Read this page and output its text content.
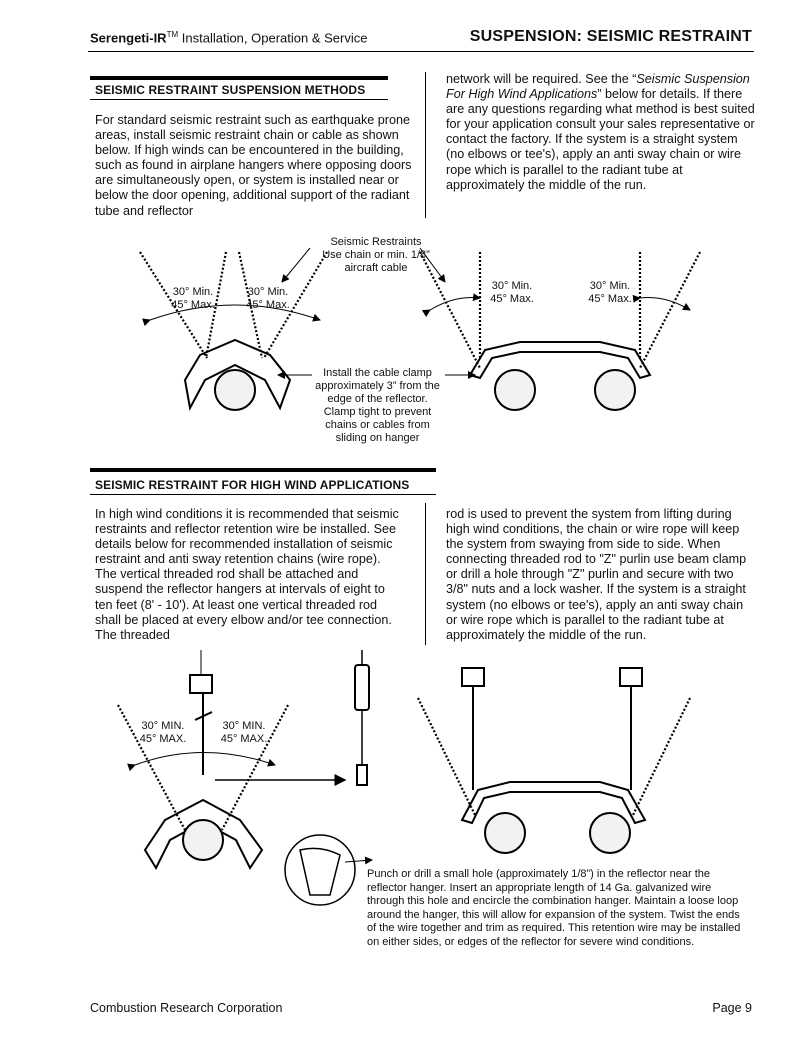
Serengeti-IR™ Installation, Operation & Service	SUSPENSION: SEISMIC RESTRAINT
SEISMIC RESTRAINT SUSPENSION METHODS
For standard seismic restraint such as earthquake prone areas, install seismic restraint chain or cable as shown below. If high winds can be encountered in the building, such as found in airplane hangers where opposing doors are simultaneously open, or system is installed near or below the door opening, additional support of the radiant tube and reflector
network will be required. See the “Seismic Suspension For High Wind Applications” below for details. If there are any questions regarding what method is best suited for your application consult your sales representative or contact the factory. If the system is a straight system (no elbows or tee's), apply an anti sway chain or wire rope which is parallel to the radiant tube at approximately the middle of the run.
Seismic Restraints
Use chain or min. 1/8”
aircraft cable
30° Min.
45° Max.
30° Min.
45° Max.
30° Min.
45° Max.
30° Min.
45° Max.
Install the cable clamp
approximately 3” from the
edge of the reflector.
Clamp tight to prevent
chains or cables from
sliding on hanger
SEISMIC RESTRAINT FOR HIGH WIND APPLICATIONS
In high wind conditions it is recommended that seismic restraints and reflector retention wire be installed. See details below for recommended installation of seismic restraint and anti sway retention chains (wire rope). The vertical threaded rod shall be attached and suspend the reflector hangers at intervals of eight to ten feet (8' - 10'). At least one vertical threaded rod shall be placed at every elbow and/or tee connection. The threaded
rod is used to prevent the system from lifting during high wind conditions, the chain or wire rope will keep the system from swaying from side to side. When connecting threaded rod to "Z" purlin use beam clamp or drill a hole through "Z" purlin and secure with two 3/8" nuts and a lock washer. If the system is a straight system (no elbows or tee's), apply an anti sway chain or wire rope which is parallel to the radiant tube at approximately the middle of the run.
30° MIN.
45° MAX.
30° MIN.
45° MAX.
Punch or drill a small hole (approximately 1/8”) in the reflector near the reflector hanger. Insert an appropriate length of 14 Ga. galvanized wire through this hole and encircle the combination hanger. Maintain a loose loop around the hanger, this will allow for expansion of the system. Twist the ends of the wire together and trim as required. This retention wire may be installed on either sides, or edges of the reflector for severe wind conditions.
Combustion Research Corporation	Page 9
